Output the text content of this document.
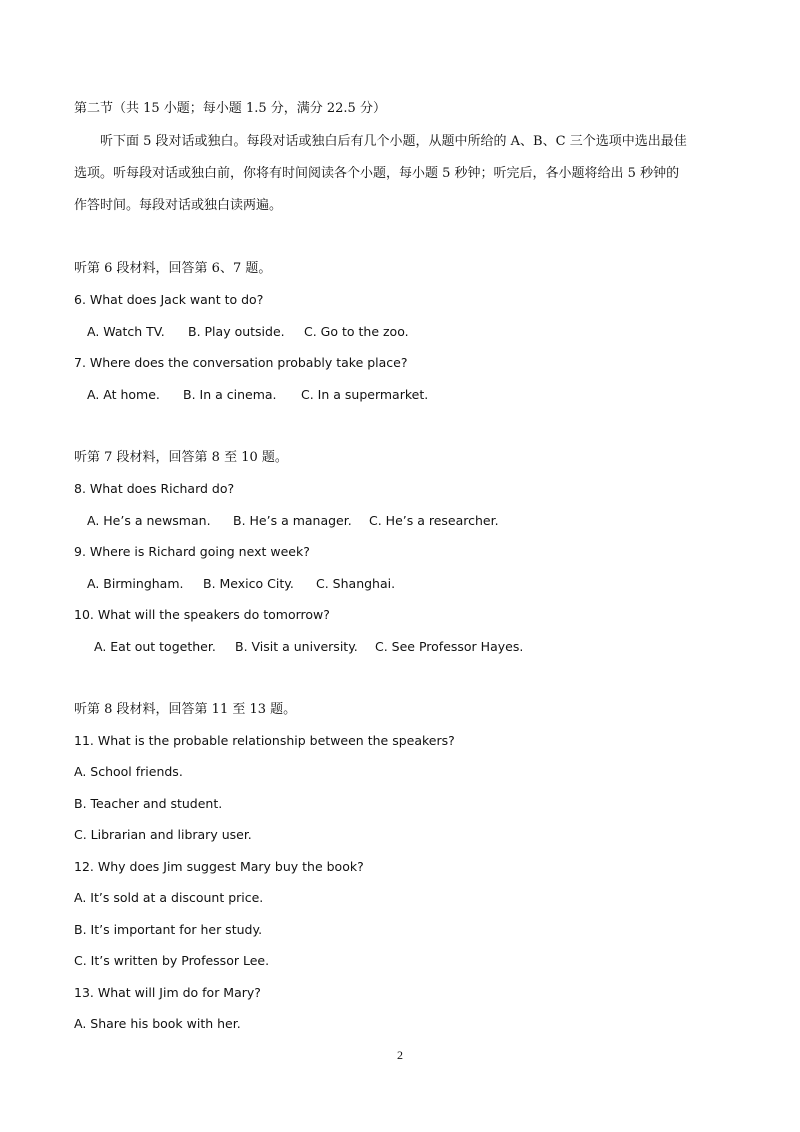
第二节（共 15 小题；每小题 1.5 分，满分 22.5 分）
听下面 5 段对话或独白。每段对话或独白后有几个小题，从题中所给的 A、B、C 三个选项中选出最佳
选项。听每段对话或独白前，你将有时间阅读各个小题，每小题 5 秒钟；听完后，各小题将给出 5 秒钟的
作答时间。每段对话或独白读两遍。
听第 6 段材料，回答第 6、7 题。
6. What does Jack want to do?
A. Watch TV. B. Play outside. C. Go to the zoo.
7. Where does the conversation probably take place?
A. At home. B. In a cinema. C. In a supermarket.
听第 7 段材料，回答第 8 至 10 题。
8. What does Richard do?
A. He’s a newsman. B. He’s a manager. C. He’s a researcher.
9. Where is Richard going next week?
A. Birmingham. B. Mexico City. C. Shanghai.
10. What will the speakers do tomorrow?
A. Eat out together. B. Visit a university. C. See Professor Hayes.
听第 8 段材料，回答第 11 至 13 题。
11. What is the probable relationship between the speakers?
A. School friends.
B. Teacher and student.
C. Librarian and library user.
12. Why does Jim suggest Mary buy the book?
A. It’s sold at a discount price.
B. It’s important for her study.
C. It’s written by Professor Lee.
13. What will Jim do for Mary?
A. Share his book with her.
2
